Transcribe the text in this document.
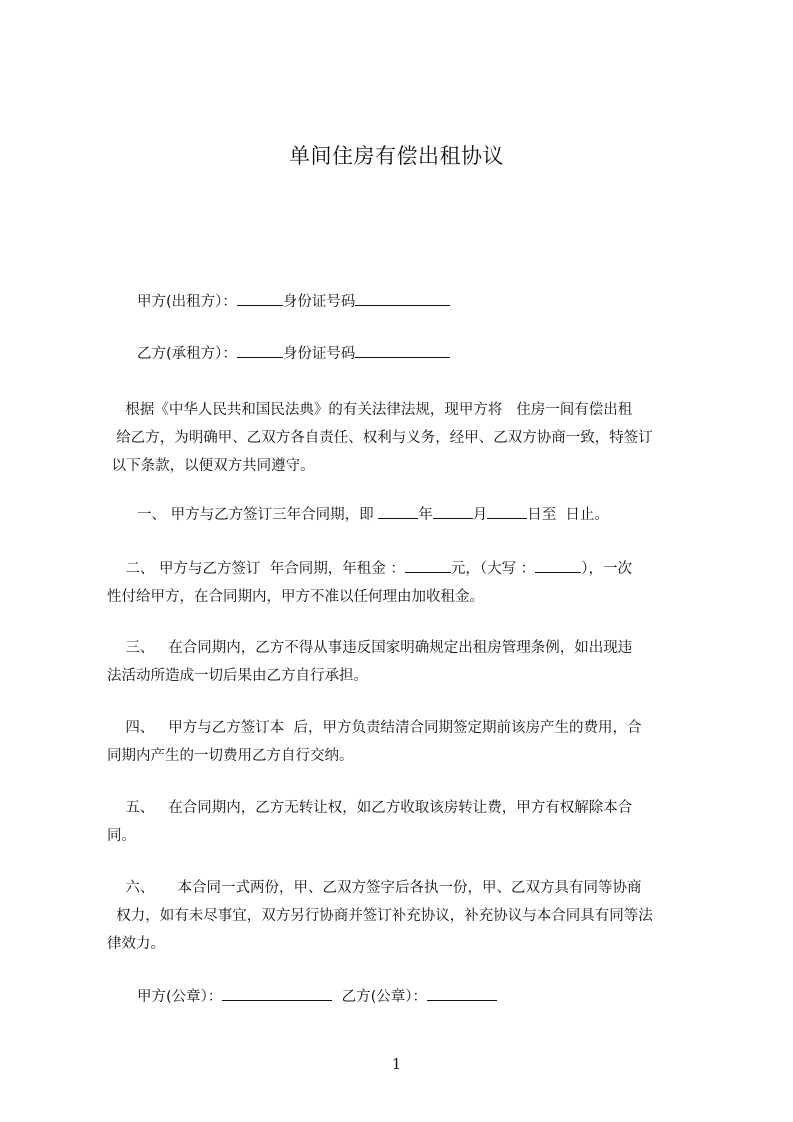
单间住房有偿出租协议
甲方(出租方）：	身份证号码
乙方(承租方）：	身份证号码
根据《中华人民共和国民法典》的有关法律法规，现甲方将   住房一间有偿出租
给乙方，为明确甲、乙双方各自责任、权利与义务，经甲、乙双方协商一致，特签订
以下条款，以便双方共同遵守。
一、 甲方与乙方签订三年合同期，即	年	月	日至  日止。
二、 甲方与乙方签订  年合同期，年租金 ：	元，（大写 ：	），一次
性付给甲方，在合同期内，甲方不准以任何理由加收租金。
三、   在合同期内，乙方不得从事违反国家明确规定出租房管理条例，如出现违
法活动所造成一切后果由乙方自行承担。
四、   甲方与乙方签订本  后，甲方负责结清合同期签定期前该房产生的费用，合
同期内产生的一切费用乙方自行交纳。
五、   在合同期内，乙方无转让权，如乙方收取该房转让费，甲方有权解除本合
同。
六、     本合同一式两份，甲、乙双方签字后各执一份，甲、乙双方具有同等协商
权力，如有未尽事宜，双方另行协商并签订补充协议，补充协议与本合同具有同等法
律效力。
甲方(公章）：	乙方(公章）：
1
